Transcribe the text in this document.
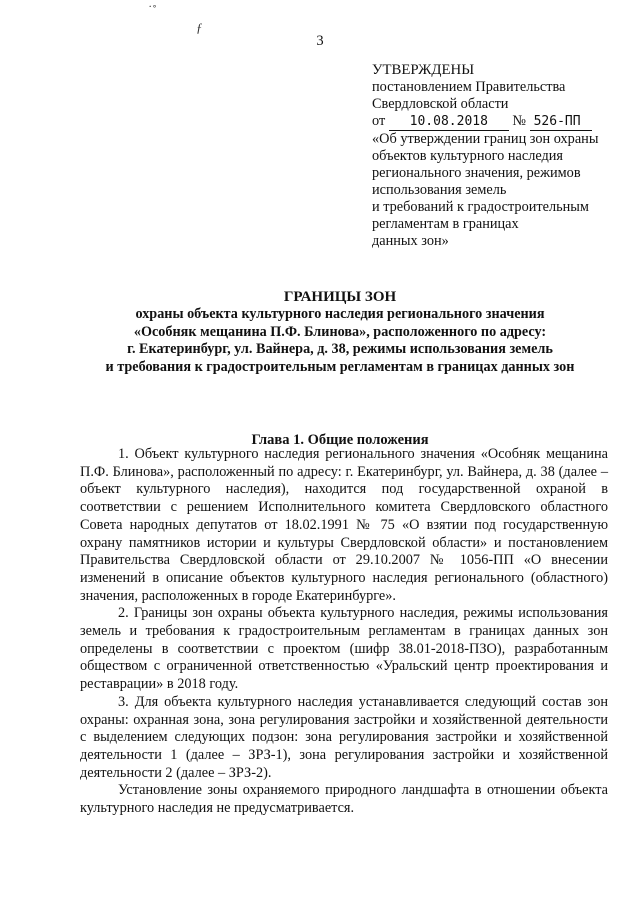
˙˚
ƒ
3
УТВЕРЖДЕНЫ
постановлением Правительства
Свердловской области
от 10.08.2018 № 526-ПП
«Об утверждении границ зон охраны
объектов культурного наследия
регионального значения, режимов
использования земель
и требований к градостроительным
регламентам в границах
данных зон»
ГРАНИЦЫ ЗОН
охраны объекта культурного наследия регионального значения
«Особняк мещанина П.Ф. Блинова», расположенного по адресу:
г. Екатеринбург, ул. Вайнера, д. 38, режимы использования земель
и требования к градостроительным регламентам в границах данных зон
Глава 1. Общие положения

1. Объект культурного наследия регионального значения «Особняк мещанина П.Ф. Блинова», расположенный по адресу: г. Екатеринбург, ул. Вайнера, д. 38 (далее – объект культурного наследия), находится под государственной охраной в соответствии с решением Исполнительного комитета Свердловского областного Совета народных депутатов от 18.02.1991 № 75 «О взятии под государственную охрану памятников истории и культуры Свердловской области» и постановлением Правительства Свердловской области от 29.10.2007 № 1056-ПП «О внесении изменений в описание объектов культурного наследия регионального (областного) значения, расположенных в городе Екатеринбурге».

2. Границы зон охраны объекта культурного наследия, режимы использования земель и требования к градостроительным регламентам в границах данных зон определены в соответствии с проектом (шифр 38.01-2018-ПЗО), разработанным обществом с ограниченной ответственностью «Уральский центр проектирования и реставрации» в 2018 году.

3. Для объекта культурного наследия устанавливается следующий состав зон охраны: охранная зона, зона регулирования застройки и хозяйственной деятельности с выделением следующих подзон: зона регулирования застройки и хозяйственной деятельности 1 (далее – ЗРЗ-1), зона регулирования застройки и хозяйственной деятельности 2 (далее – ЗРЗ-2).

Установление зоны охраняемого природного ландшафта в отношении объекта культурного наследия не предусматривается.
